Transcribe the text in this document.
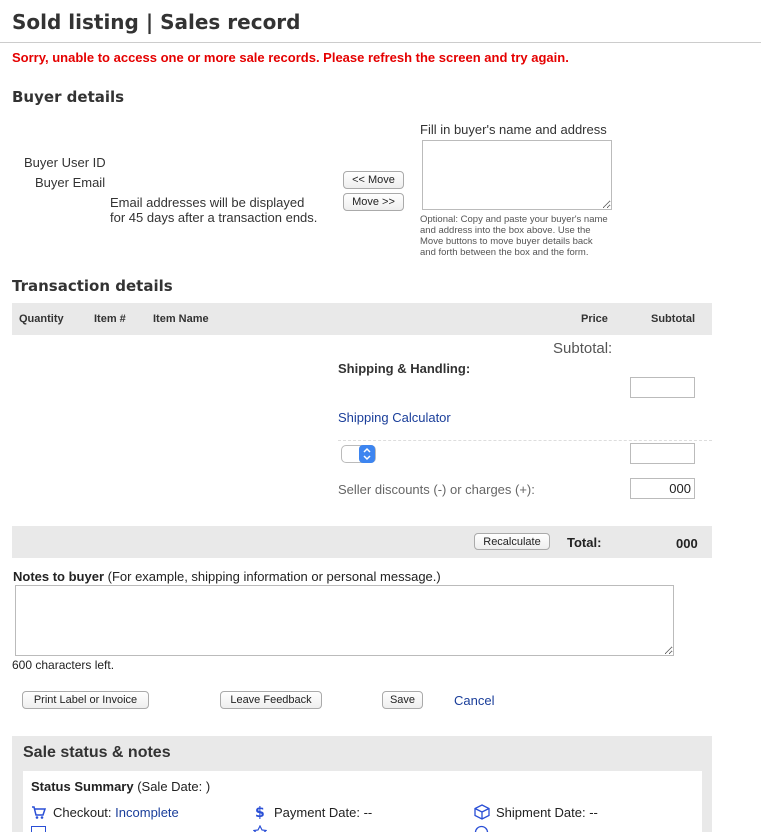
Sold listing | Sales record
Sorry, unable to access one or more sale records. Please refresh the screen and try again.
Buyer details
Buyer User ID
Buyer Email
Email addresses will be displayed
for 45 days after a transaction ends.
<< Move
Move >>
Fill in buyer's name and address
Optional: Copy and paste your buyer's name
and address into the box above. Use the
Move buttons to move buyer details back
and forth between the box and the form.
Transaction details
Quantity	Item # Item Name	Price	Subtotal
Subtotal:
Shipping & Handling:
Shipping Calculator
Seller discounts (-) or charges (+):
000
Recalculate	Total:	000
Notes to buyer (For example, shipping information or personal message.)
600 characters left.
Print Label or Invoice	Leave Feedback	Save	Cancel
Sale status & notes
Status Summary (Sale Date: )
Checkout: Incomplete	$ Payment Date: --	Shipment Date: --
